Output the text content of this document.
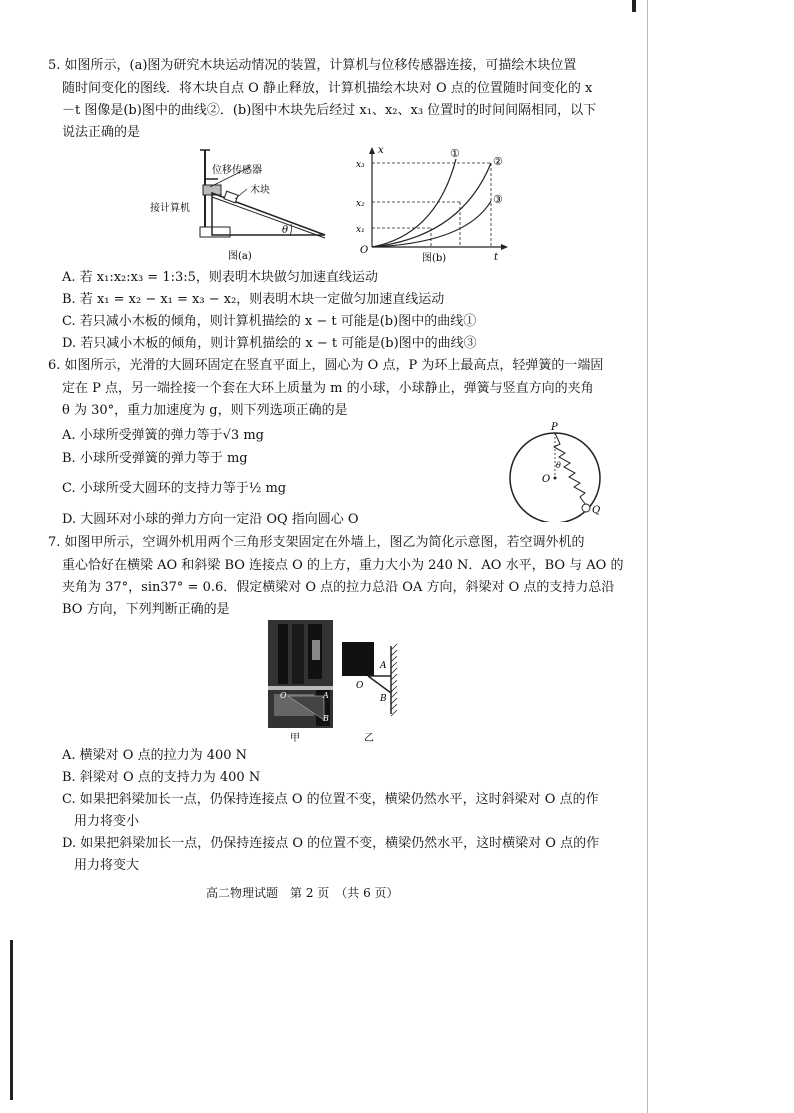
5. 如图所示，(a)图为研究木块运动情况的装置，计算机与位移传感器连接，可描绘木块位置
随时间变化的图线．将木块自点 O 静止释放，计算机描绘木块对 O 点的位置随时间变化的 x
－t 图像是(b)图中的曲线②．(b)图中木块先后经过 x₁、x₂、x₃ 位置时的时间间隔相同，以下
说法正确的是
位移传感器
木块
接计算机
θ
图(a)
x₃
x₂
x₁
x
t
O
①
②
③
图(b)
A. 若 x₁:x₂:x₃ = 1:3:5，则表明木块做匀加速直线运动
B. 若 x₁ = x₂ − x₁ = x₃ − x₂，则表明木块一定做匀加速直线运动
C. 若只减小木板的倾角，则计算机描绘的 x − t 可能是(b)图中的曲线①
D. 若只减小木板的倾角，则计算机描绘的 x − t 可能是(b)图中的曲线③
6. 如图所示，光滑的大圆环固定在竖直平面上，圆心为 O 点，P 为环上最高点，轻弹簧的一端固
定在 P 点，另一端拴接一个套在大环上质量为 m 的小球，小球静止，弹簧与竖直方向的夹角
θ 为 30°，重力加速度为 g，则下列选项正确的是
A. 小球所受弹簧的弹力等于√3 mg
B. 小球所受弹簧的弹力等于 mg
C. 小球所受大圆环的支持力等于½ mg
D. 大圆环对小球的弹力方向一定沿 OQ 指向圆心 O
P
O
Q
θ
7. 如图甲所示，空调外机用两个三角形支架固定在外墙上，图乙为简化示意图，若空调外机的
重心恰好在横梁 AO 和斜梁 BO 连接点 O 的上方，重力大小为 240 N．AO 水平，BO 与 AO 的
夹角为 37°，sin37° = 0.6．假定横梁对 O 点的拉力总沿 OA 方向，斜梁对 O 点的支持力总沿
BO 方向，下列判断正确的是
O	A
B
甲
A
O
B
乙
A. 横梁对 O 点的拉力为 400 N
B. 斜梁对 O 点的支持力为 400 N
C. 如果把斜梁加长一点，仍保持连接点 O 的位置不变，横梁仍然水平，这时斜梁对 O 点的作
用力将变小
D. 如果把斜梁加长一点，仍保持连接点 O 的位置不变，横梁仍然水平，这时横梁对 O 点的作
用力将变大
高二物理试题　第 2 页　（共 6 页）
